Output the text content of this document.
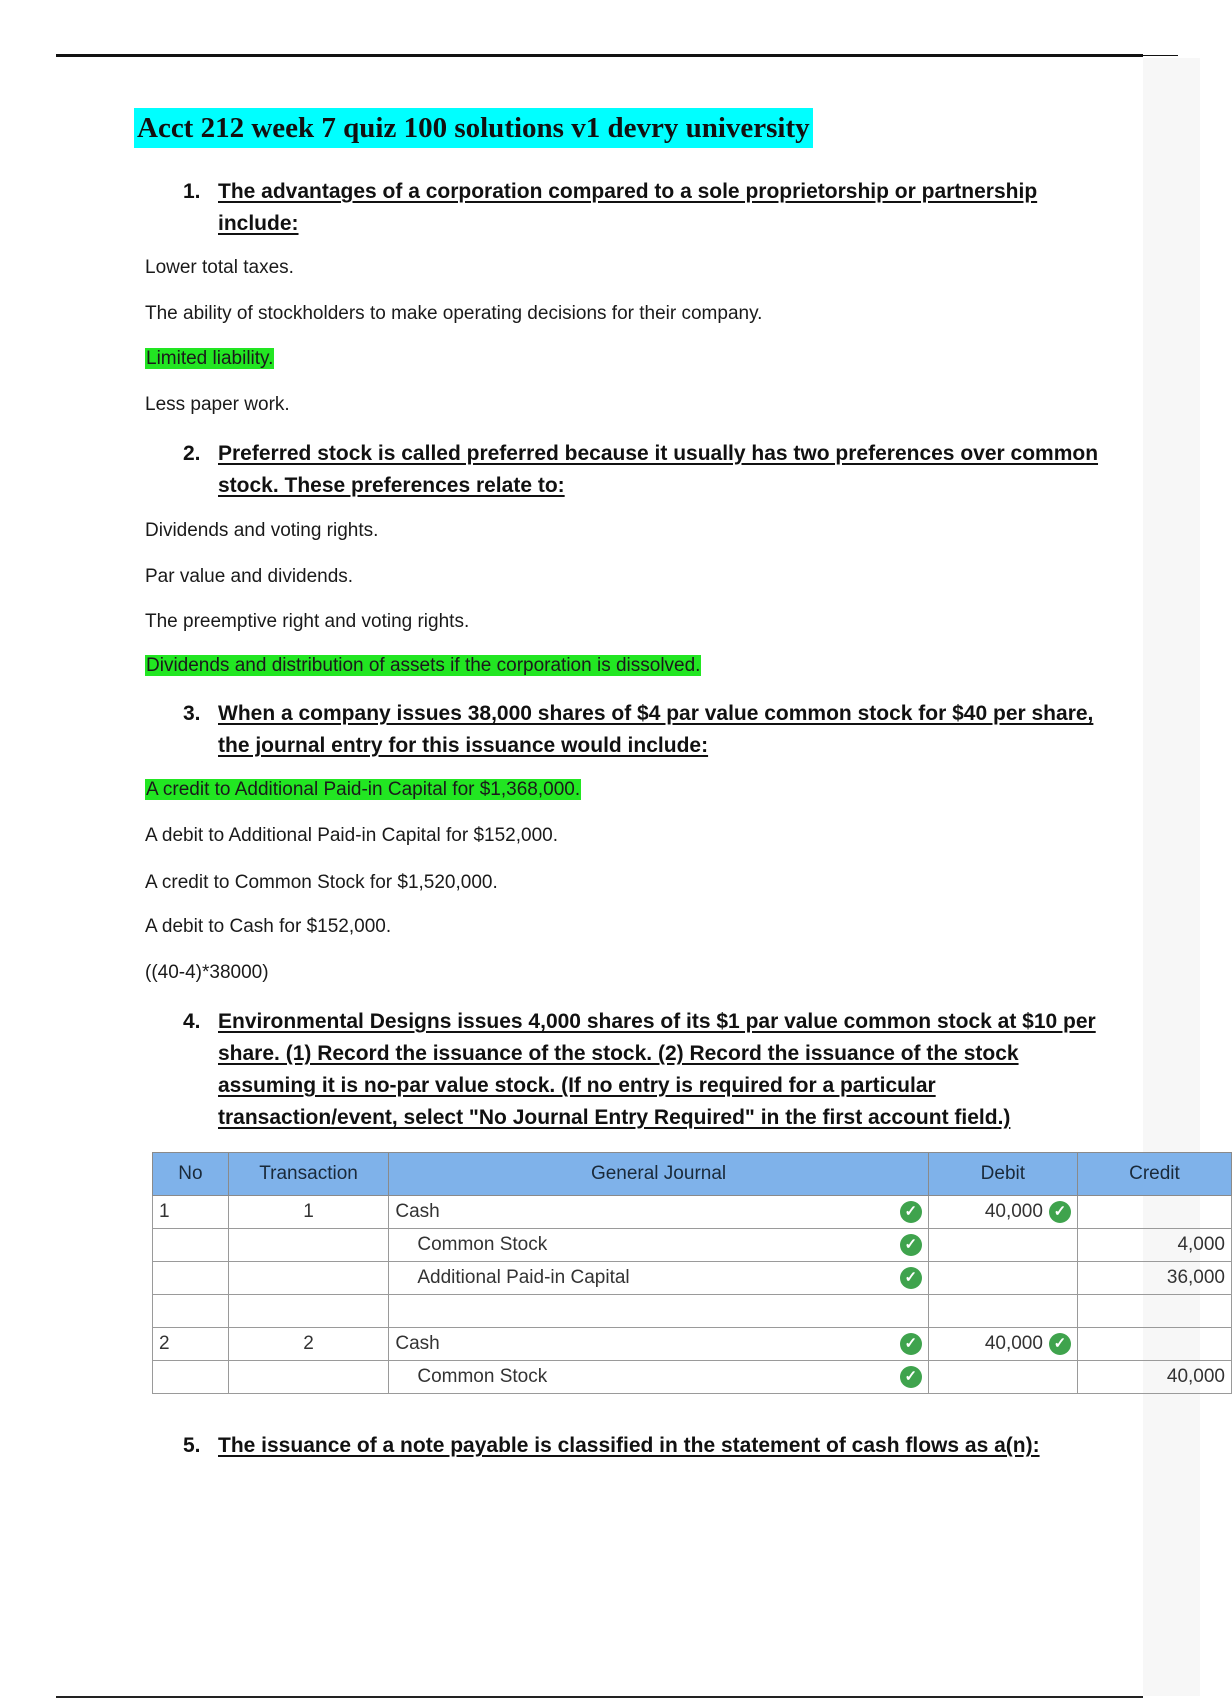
Acct 212 week 7 quiz 100 solutions v1 devry university
1. The advantages of a corporation compared to a sole proprietorship or partnership include:
Lower total taxes.
The ability of stockholders to make operating decisions for their company.
Limited liability.
Less paper work.
2. Preferred stock is called preferred because it usually has two preferences over common stock. These preferences relate to:
Dividends and voting rights.
Par value and dividends.
The preemptive right and voting rights.
Dividends and distribution of assets if the corporation is dissolved.
3. When a company issues 38,000 shares of $4 par value common stock for $40 per share, the journal entry for this issuance would include:
A credit to Additional Paid-in Capital for $1,368,000.
A debit to Additional Paid-in Capital for $152,000.
A credit to Common Stock for $1,520,000.
A debit to Cash for $152,000.
((40-4)*38000)
4. Environmental Designs issues 4,000 shares of its $1 par value common stock at $10 per share. (1) Record the issuance of the stock. (2) Record the issuance of the stock assuming it is no-par value stock. (If no entry is required for a particular transaction/event, select "No Journal Entry Required" in the first account field.)
No	Transaction	General Journal	Debit	Credit
1	1	Cash ✓	40,000 ✓	
		Common Stock ✓		4,000
		Additional Paid-in Capital ✓		36,000

2	2	Cash ✓	40,000 ✓	
		Common Stock ✓		40,000
5. The issuance of a note payable is classified in the statement of cash flows as a(n):
